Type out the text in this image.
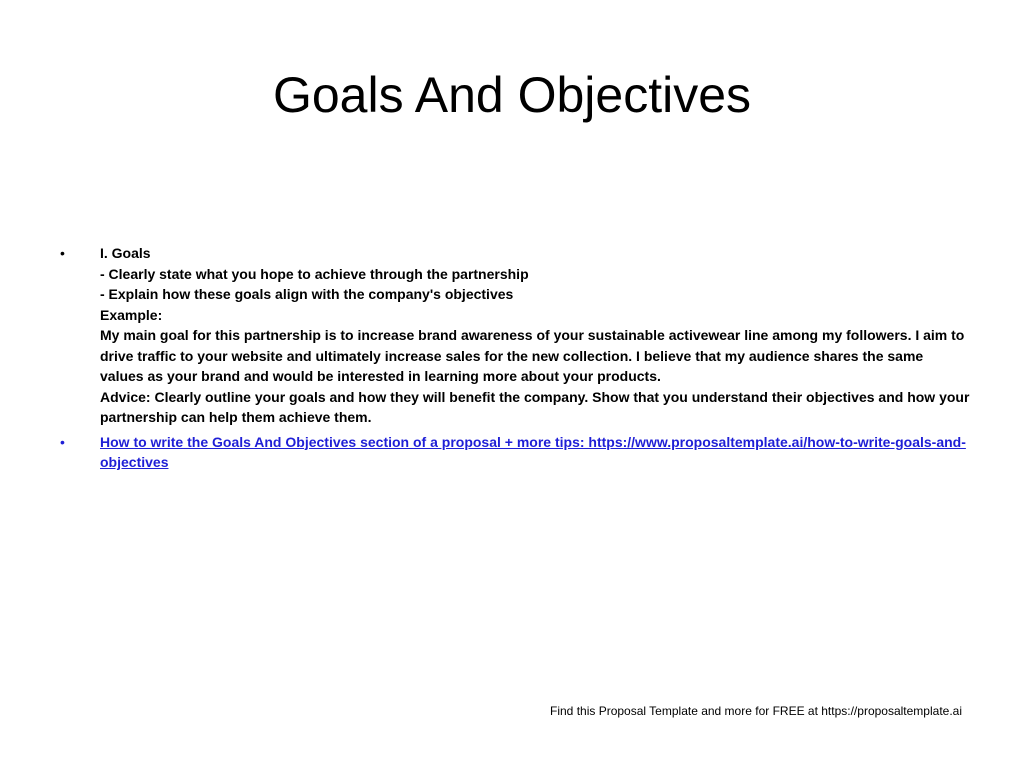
Goals And Objectives
•	I. Goals
- Clearly state what you hope to achieve through the partnership
- Explain how these goals align with the company's objectives
Example:
My main goal for this partnership is to increase brand awareness of your sustainable activewear line among my followers. I aim to drive traffic to your website and ultimately increase sales for the new collection. I believe that my audience shares the same values as your brand and would be interested in learning more about your products.
Advice: Clearly outline your goals and how they will benefit the company. Show that you understand their objectives and how your partnership can help them achieve them.
•	How to write the Goals And Objectives section of a proposal + more tips: https://www.proposaltemplate.ai/how-to-write-goals-and-objectives
Find this Proposal Template and more for FREE at https://proposaltemplate.ai
